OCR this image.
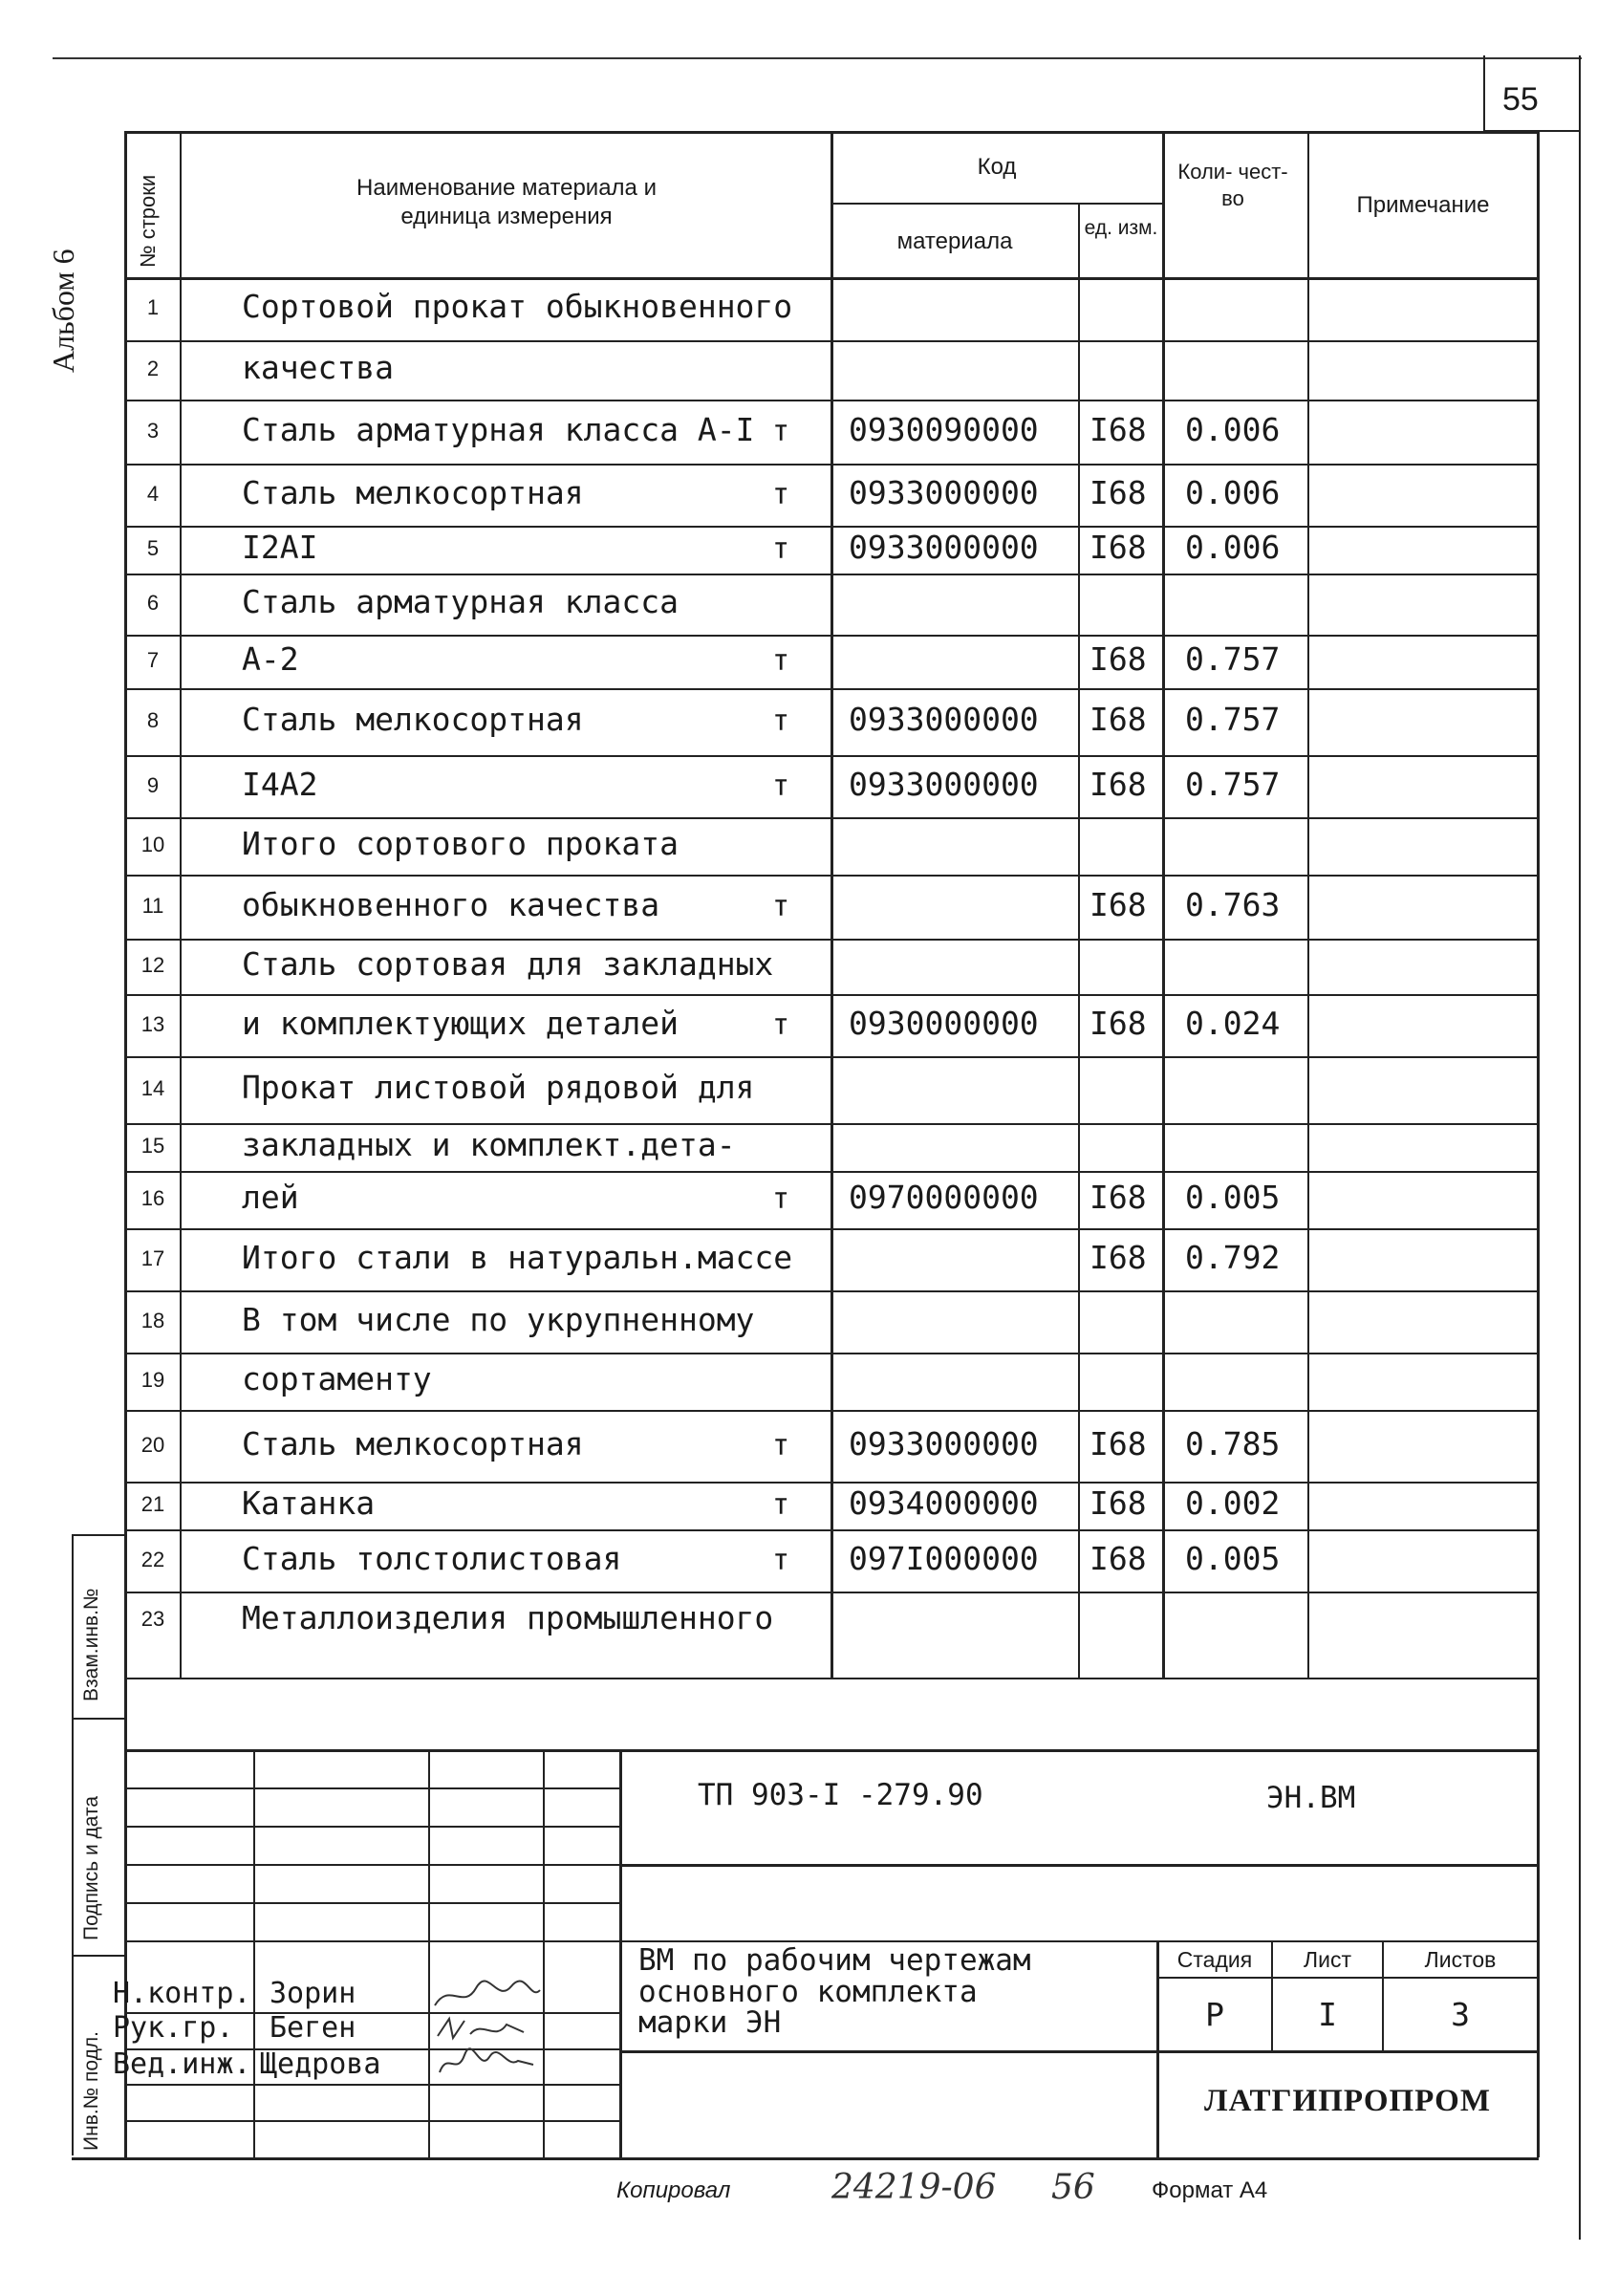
55
Альбом 6
№ строки	Наименование материала и единица измерения
Код
материала
ед. изм.
Коли- чест- во	Примечание
1	Сортовой прокат обыкновенного
2	качества
3	Сталь арматурная класса А-I т 0930090000 I68 0.006
4	Сталь мелкосортная	т 0933000000 I68 0.006
5	I2AI	т 0933000000 I68 0.006
6	Сталь арматурная класса
7	А-2	т	I68 0.757
8	Сталь мелкосортная	т 0933000000 I68 0.757
9	I4A2	т 0933000000 I68 0.757
10	Итого сортового проката
11	обыкновенного качества	т	I68 0.763
12	Сталь сортовая для закладных
13	и комплектующих деталей	т 0930000000 I68 0.024
14	Прокат листовой рядовой для
15	закладных и комплект.дета-
16	лей	т 0970000000 I68 0.005
17	Итого стали в натуральн.массе	I68 0.792
18	В том числе по укрупненному
19	сортаменту
20	Сталь мелкосортная	т 0933000000 I68 0.785
21	Катанка	т 0934000000 I68 0.002
22	Сталь толстолистовая	т 097I000000 I68 0.005
23	Металлоизделия промышленного
Взам.инв.№
Подпись и дата
Инв.№ подл.
ТП 903-I -279.90	ЭН.ВМ
ВМ по рабочим чертежам
основного комплекта
марки ЭН
Стадия	Лист	Листов
Р	I	3
ЛАТГИПРОПРОМ
Н.контр. Зорин
Рук.гр. Беген
Вед.инж. Щедрова
Копировал	24219-06 56 Формат А4
